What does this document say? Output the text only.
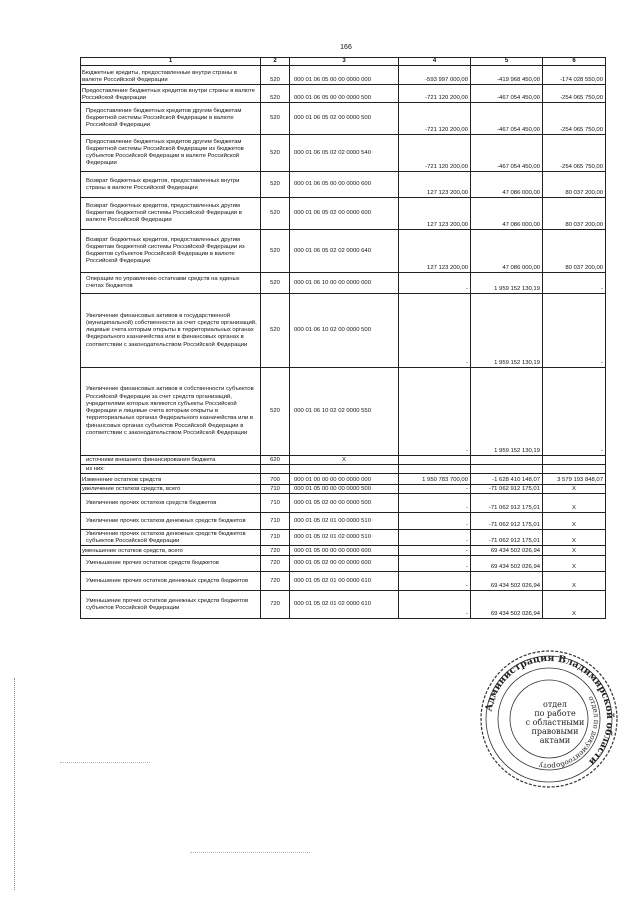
166
1	2	3	4	5	6
Бюджетные кредиты, предоставленные внутри страны в валюте Российской Федерации	520	000 01 06 05 00 00 0000 000	-593 997 000,00	-419 968 450,00	-174 028 550,00
Предоставление бюджетных кредитов внутри страны в валюте Российской Федерации	520	000 01 06 05 00 00 0000 500	-721 120 200,00	-467 054 450,00	-254 065 750,00
Предоставление бюджетных кредитов другим бюджетам бюджетной системы Российской Федерации в валюте Российской Федерации	520	000 01 06 05 02 00 0000 500	-721 120 200,00	-467 054 450,00	-254 065 750,00
Предоставление бюджетных кредитов другим бюджетам бюджетной системы Российской Федерации из бюджетов субъектов Российской Федерации в валюте Российской Федерации	520	000 01 06 05 02 02 0000 540	-721 120 200,00	-467 054 450,00	-254 065 750,00
Возврат бюджетных кредитов, предоставленных внутри страны в валюте Российской Федерации	520	000 01 06 05 00 00 0000 600	127 123 200,00	47 086 000,00	80 037 200,00
Возврат бюджетных кредитов, предоставленных другим бюджетам бюджетной системы Российской Федерации в валюте Российской Федерации	520	000 01 06 05 02 00 0000 600	127 123 200,00	47 086 000,00	80 037 200,00
Возврат бюджетных кредитов, предоставленных другим бюджетам бюджетной системы Российской Федерации из бюджетов субъектов Российской Федерации в валюте Российской Федерации	520	000 01 06 05 02 02 0000 640	127 123 200,00	47 086 000,00	80 037 200,00
Операции по управлению остатками средств на единых счетах бюджетов	520	000 01 06 10 00 00 0000 000	-	1 959 152 130,19	-
Увеличение финансовых активов в государственной (муниципальной) собственности за счет средств организаций, лицевые счета которым открыты в территориальных органах Федерального казначейства или в финансовых органах в соответствии с законодательством Российской Федерации	520	000 01 06 10 02 00 0000 500	-	1 959 152 130,19	-
Увеличение финансовых активов в собственности субъектов Российской Федерации за счет средств организаций, учредителями которых являются субъекты Российской Федерации и лицевые счета которым открыты в территориальных органах Федерального казначейства или в финансовых органах субъектов Российской Федерации в соответствии с законодательством Российской Федерации	520	000 01 06 10 02 02 0000 550	-	1 959 152 130,19	-
источники внешнего финансирования бюджета	620	X			
из них:					
Изменение остатков средств	700	000 01 00 00 00 00 0000 000	1 950 783 700,00	-1 628 410 148,07	3 579 193 848,07
увеличение остатков средств, всего	710	000 01 05 00 00 00 0000 500	-	-71 062 912 175,01	X
Увеличение прочих остатков средств бюджетов	710	000 01 05 02 00 00 0000 500	-	-71 062 912 175,01	X
Увеличение прочих остатков денежных средств бюджетов	710	000 01 05 02 01 00 0000 510	-	-71 062 912 175,01	X
Увеличение прочих остатков денежных средств бюджетов субъектов Российской Федерации	710	000 01 05 02 01 02 0000 510	-	-71 062 912 175,01	X
уменьшение остатков средств, всего	720	000 01 05 00 00 00 0000 600	-	69 434 502 026,94	X
Уменьшение прочих остатков средств бюджетов	720	000 01 05 02 00 00 0000 600	-	69 434 502 026,94	X
Уменьшение прочих остатков денежных средств бюджетов	720	000 01 05 02 01 00 0000 610	-	69 434 502 026,94	X
Уменьшение прочих остатков денежных средств бюджетов субъектов Российской Федерации	720	000 01 05 02 01 02 0000 610	-	69 434 502 026,94	X
Администрация Владимирской области
отдел по документообороту
отдел
по работе
с областными
правовыми
актами
